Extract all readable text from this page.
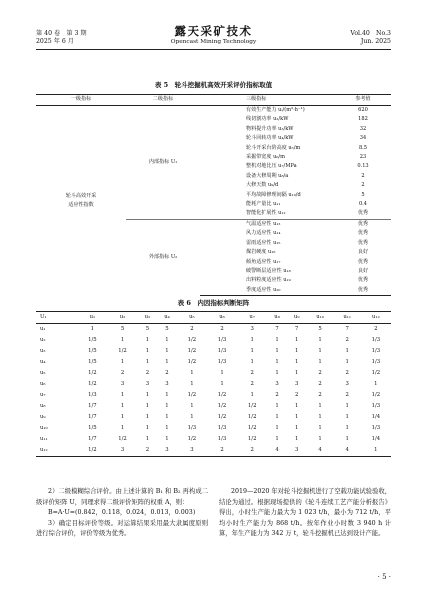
第 40 卷　第 3 期
2025 年 6 月
露天采矿技术
Opencast Mining Technology
Vol.40　No.3
Jun. 2025
表 5　轮斗挖掘机高效开采评价指标取值
一级指标	二级指标	三级指标	参考值
轮斗高效开采
适应性指数	内部指标 U₁	有效生产能力 uᵢ/(m³·h⁻¹)	620
		线切割功率 u₂/kW	182
		物料提升功率 u₃/kW	32
		轮斗回转功率 u₄/kW	34
		轮斗开采台阶高度 u₅/m	8.5
		采掘带宽度 u₆/m	23
		整机对地比压 u₇/MPa	0.13
		设备大修周期 u₈/a	2
		大修天数 u₉/d	2
		平均故障修理间隔 u₁₀/d	5
		能耗产量比 u₁₁	0.4
		智能化扩展性 u₁₂	优秀
	外部指标 U₂	气温适应性 u₁₃	优秀
		风力适应性 u₁₄	优秀
		雷雨适应性 u₁₅	优秀
		煤岩硬度 u₁₆	良好
		倾角适应性 u₁₇	优秀
		破警断层适应性 u₁₈	良好
		出料粒度适应性 u₁₉	优秀
		季度适应性 u₂₀	优秀
表 6　内因指标判断矩阵
U₁	u₁	u₂	u₃	u₄	u₅	u₆	u₇	u₈	u₉	u₁₀	u₁₁	u₁₂
u₁	1	5	5	5	2	2	3	7	7	5	7	2
u₂	1/5	1	1	1	1/2	1/3	1	1	1	1	2	1/3
u₃	1/5	1/2	1	1	1/2	1/3	1	1	1	1	1	1/3
u₄	1/5	1	1	1	1/2	1/3	1	1	1	1	1	1/3
u₅	1/2	2	2	2	1	1	2	1	1	2	2	1/2
u₆	1/2	3	3	3	1	1	2	3	3	2	3	1
u₇	1/3	1	1	1	1/2	1/2	1	2	2	2	2	1/2
u₈	1/7	1	1	1	1	1/2	1/2	1	1	1	1	1/3
u₉	1/7	1	1	1	1	1/2	1/2	1	1	1	1	1/4
u₁₀	1/5	1	1	1	1/3	1/3	1/2	1	1	1	1	1/3
u₁₁	1/7	1/2	1	1	1/2	1/3	1/2	1	1	1	1	1/4
u₁₂	1/2	3	2	3	3	2	2	4	3	4	4	1

2）二级模糊综合评价。由上述计算的 B₁ 和 B₂ 再构成二级评价矩阵 U，同理求得二级评价矩阵的权重 A，则：

B=A·U=(0.842，0.118，0.024，0.013，0.003)

3）确定目标评价等级。对运算结果采用最大隶属度原则进行综合评价，评价等级为优秀。

2019—2020 年对轮斗挖掘机进行了空载功能试验验收，结论为通过。根据现场提供的《轮斗连续工艺产能分析报告》得出，小时生产能力最大为 1 023 t/h，最小为 712 t/h，平均小时生产能力为 868 t/h。按年作业小时数 3 940 h 计算，年生产能力为 342 万 t，轮斗挖掘机已达到设计产能。

· 5 ·
